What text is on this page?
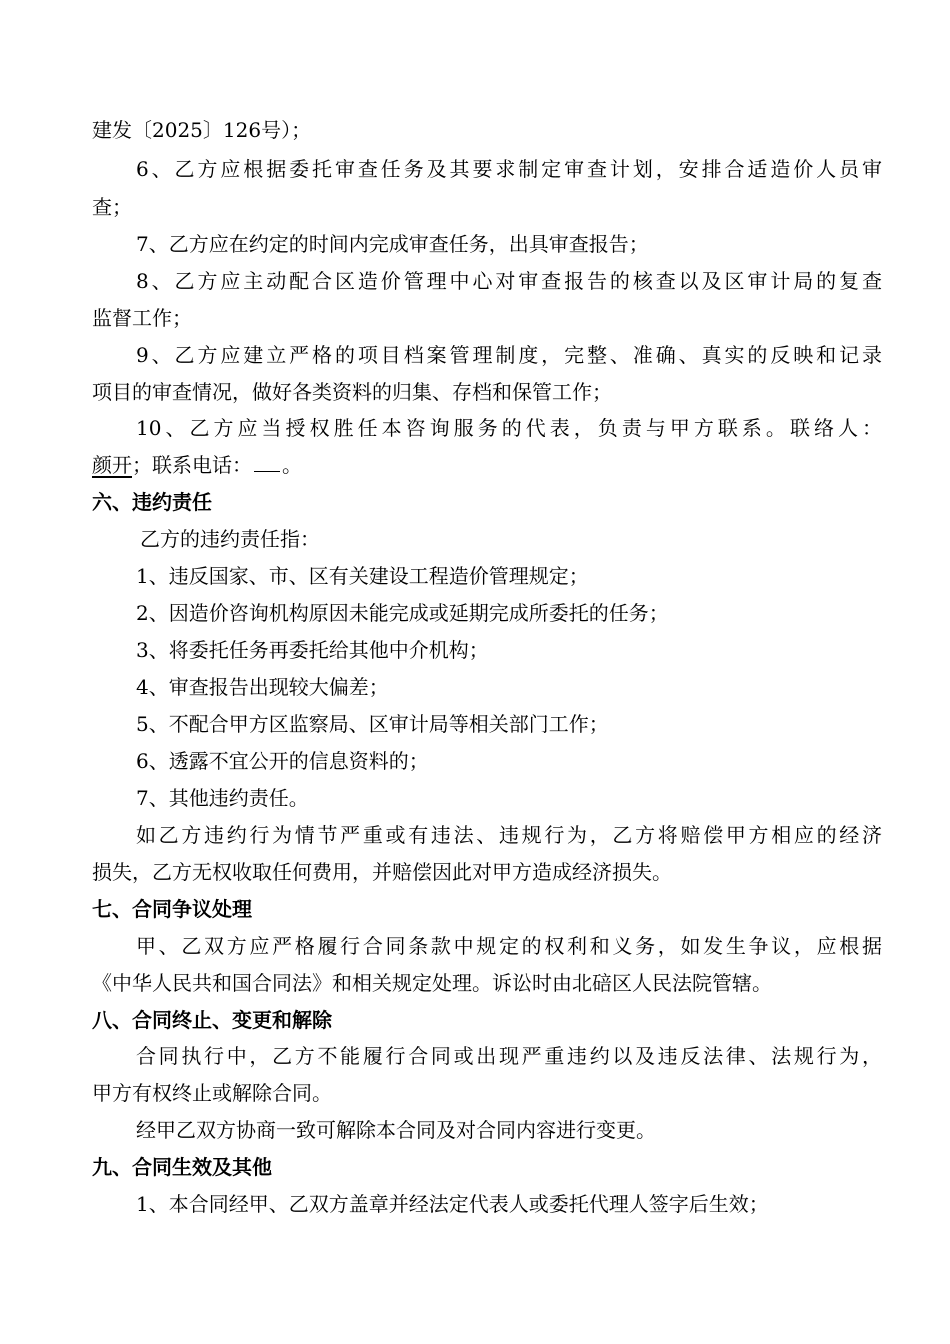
建发〔2025〕126号）；
6、乙方应根据委托审查任务及其要求制定审查计划，安排合适造价人员审
查；
7、乙方应在约定的时间内完成审查任务，出具审查报告；
8、乙方应主动配合区造价管理中心对审查报告的核查以及区审计局的复查
监督工作；
9、乙方应建立严格的项目档案管理制度，完整、准确、真实的反映和记录
项目的审查情况，做好各类资料的归集、存档和保管工作；
10、乙方应当授权胜任本咨询服务的代表，负责与甲方联系。联络人：
颜开；联系电话： 。
六、违约责任
乙方的违约责任指：
1、违反国家、市、区有关建设工程造价管理规定；
2、因造价咨询机构原因未能完成或延期完成所委托的任务；
3、将委托任务再委托给其他中介机构；
4、审查报告出现较大偏差；
5、不配合甲方区监察局、区审计局等相关部门工作；
6、透露不宜公开的信息资料的；
7、其他违约责任。
如乙方违约行为情节严重或有违法、违规行为，乙方将赔偿甲方相应的经济
损失，乙方无权收取任何费用，并赔偿因此对甲方造成经济损失。
七、合同争议处理
甲、乙双方应严格履行合同条款中规定的权利和义务，如发生争议，应根据
《中华人民共和国合同法》和相关规定处理。诉讼时由北碚区人民法院管辖。
八、合同终止、变更和解除
合同执行中，乙方不能履行合同或出现严重违约以及违反法律、法规行为，
甲方有权终止或解除合同。
经甲乙双方协商一致可解除本合同及对合同内容进行变更。
九、合同生效及其他
1、本合同经甲、乙双方盖章并经法定代表人或委托代理人签字后生效；
